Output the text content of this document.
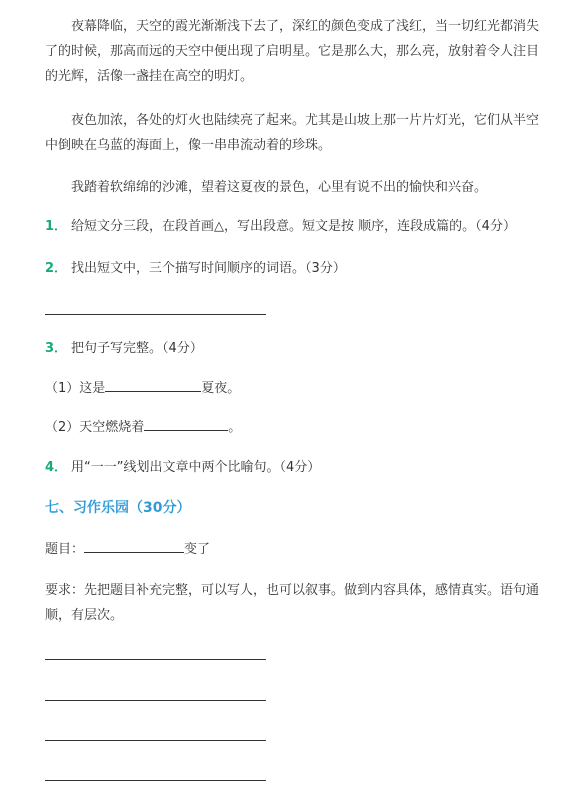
夜幕降临，天空的霞光渐渐浅下去了，深红的颜色变成了浅红，当一切红光都消失了的时候，那高而远的天空中便出现了启明星。它是那么大，那么亮，放射着令人注目的光辉，活像一盏挂在高空的明灯。

夜色加浓，各处的灯火也陆续亮了起来。尤其是山坡上那一片片灯光，它们从半空中倒映在乌蓝的海面上，像一串串流动着的珍珠。

我踏着软绵绵的沙滩，望着这夏夜的景色，心里有说不出的愉快和兴奋。

1． 给短文分三段，在段首画△，写出段意。短文是按 顺序，连段成篇的。（4分）

2． 找出短文中，三个描写时间顺序的词语。（3分）

3． 把句子写完整。（4分）

（1）这是	夏夜。

（2）天空燃烧着	。

4． 用“一一”线划出文章中两个比喻句。（4分）

七、习作乐园（30分）

题目：	变了

要求：先把题目补充完整，可以写人，也可以叙事。做到内容具体，感情真实。语句通顺，有层次。
